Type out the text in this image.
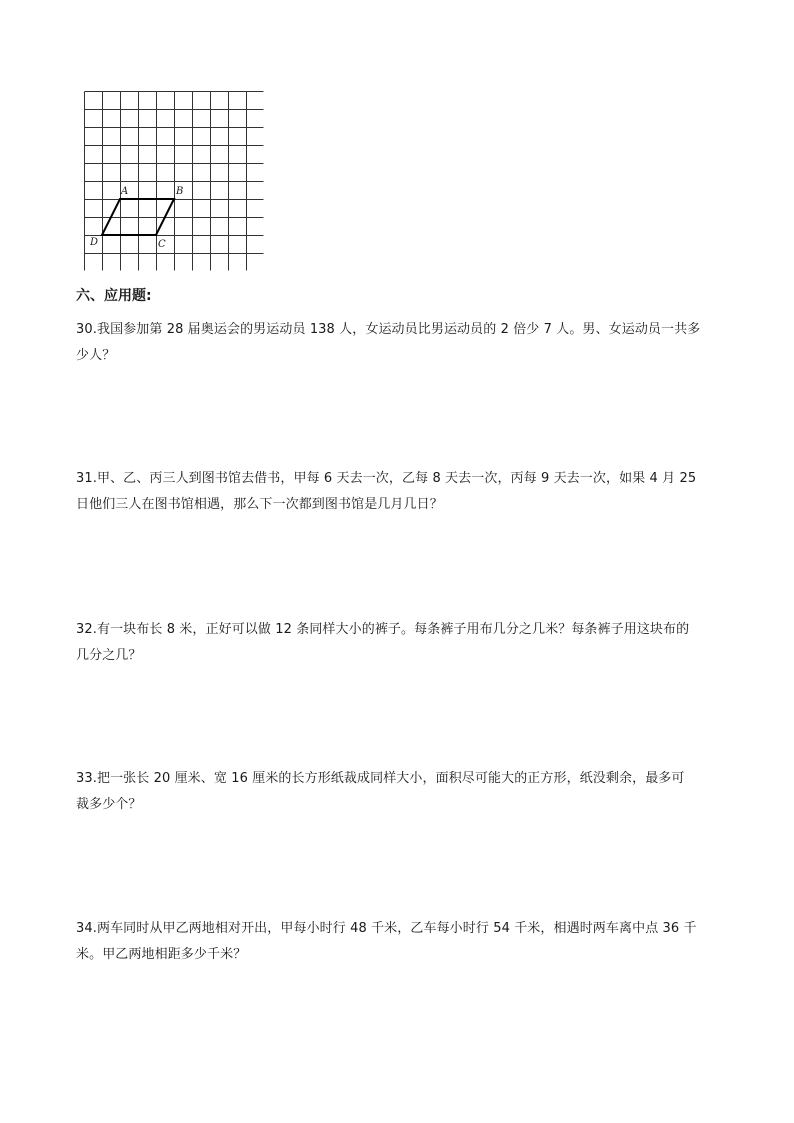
A	B
C
D
六、应用题:
30.我国参加第 28 届奥运会的男运动员 138 人，女运动员比男运动员的 2 倍少 7 人。男、女运动员一共多
少人？
31.甲、乙、丙三人到图书馆去借书，甲每 6 天去一次，乙每 8 天去一次，丙每 9 天去一次，如果 4 月 25
日他们三人在图书馆相遇，那么下一次都到图书馆是几月几日？
32.有一块布长 8 米，正好可以做 12 条同样大小的裤子。每条裤子用布几分之几米？每条裤子用这块布的
几分之几？
33.把一张长 20 厘米、宽 16 厘米的长方形纸裁成同样大小，面积尽可能大的正方形，纸没剩余，最多可
裁多少个？
34.两车同时从甲乙两地相对开出，甲每小时行 48 千米，乙车每小时行 54 千米，相遇时两车离中点 36 千
米。甲乙两地相距多少千米？
